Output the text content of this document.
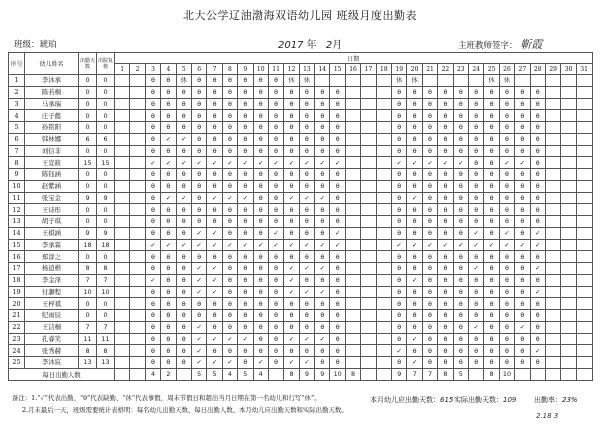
北大公学辽油渤海双语幼儿园 班级月度出勤表
班级：琥珀	2017 年 2月	主班教师签字： 靳霞
序号	幼儿姓名	出勤天数	出院复核	日期																														
				1	2	3	4	5	6	7	8	9	10	11	12	13	14	15	16	17	18	19	20	21	22	23	24	25	26	27	28	29	30	31
1	李沐承	0	0			θ	θ	休	θ	θ	θ	θ	θ	θ	休	休						休	休					休	休					
2	陈若桐	0	0			θ	θ	θ	θ	θ	θ	θ	θ	θ	θ	θ	θ	θ				θ	θ	θ	θ	θ	θ	θ	θ	θ	θ			
3	马承瑞	0	0			θ	θ	θ	θ	θ	θ	θ	θ	θ	θ	θ	θ	θ				θ	θ	θ	θ	θ	θ	θ	θ	θ	θ			
4	庄子懿	0	0			θ	θ	θ	θ	θ	θ	θ	θ	θ	θ	θ	θ	θ				θ	θ	θ	θ	θ	θ	θ	θ	θ	θ			
5	孙铭阳	0	0			θ	θ	θ	θ	θ	θ	θ	θ	θ	θ	θ	θ	θ				θ	θ	θ	θ	θ	θ	θ	θ	θ	θ			
6	韩林娜	6	6			θ	✓	✓	θ	θ	θ	θ	θ	θ	θ	θ	θ	θ				θ	θ	θ	θ	θ	θ	θ	θ	θ	θ			
7	刘信非	0	0			θ	θ	θ	θ	θ	θ	θ	θ	θ	θ	θ	θ	θ				θ	θ	θ	θ	θ	θ	θ	θ	θ	θ			
8	王宣筱	15	15			✓	✓	✓	✓	✓	✓	✓	✓	✓	✓	✓	✓	✓				✓	✓	✓	✓	✓	θ	θ	✓	✓	θ			
9	陈钰涵	0	0			θ	θ	θ	θ	θ	θ	θ	θ	θ	θ	θ	θ	θ				θ	θ	θ	θ	θ	θ	θ	θ	θ	θ			
10	赵紫涵	0	0			θ	θ	θ	θ	θ	θ	θ	θ	θ	θ	θ	θ	θ				θ	θ	θ	θ	θ	θ	θ	θ	θ	θ			
11	张宝金	9	9			θ	✓	✓	θ	✓	✓	✓	θ	θ	✓	✓	✓	θ				θ	✓	θ	θ	θ	θ	θ	θ	θ	θ			
12	王诗彤	0	0			θ	θ	θ	θ	θ	θ	θ	θ	θ	θ	θ	θ	θ				θ	θ	θ	θ	θ	θ	θ	θ	θ	θ			
13	胡子琪	0	0			θ	θ	θ	θ	θ	θ	θ	θ	θ	θ	θ	θ	θ				θ	θ	θ	θ	θ	θ	θ	θ	θ	θ			
14	王棋涵	9	9			θ	θ	θ	✓	✓	θ	θ	θ	✓	θ	θ	θ	✓				θ	θ	θ	θ	θ	✓	θ	✓	θ	✓			
15	李承霖	18	18			✓	✓	✓	✓	✓	✓	✓	✓	✓	✓	✓	✓	✓				✓	✓	✓	✓	✓	✓	✓	✓	✓	✓			
16	郑淳之	0	0			θ	θ	θ	θ	θ	θ	θ	θ	θ	θ	θ	θ	θ				θ	θ	θ	θ	θ	θ	θ	θ	θ	θ			
17	杨逍楷	8	8			θ	θ	θ	✓	✓	θ	θ	θ	θ	✓	✓	✓	θ				θ	θ	θ	θ	θ	✓	θ	θ	θ	✓			
18	李金泽	7	7			✓	θ	θ	✓	✓	θ	θ	θ	θ	✓	θ	θ	θ				θ	✓	θ	θ	θ	θ	θ	θ	θ	θ			
19	付灏程	10	10			θ	θ	θ	✓	✓	θ	θ	θ	θ	✓	✓	✓	θ				θ	θ	θ	θ	θ	θ	θ	θ	θ	✓			
20	王梓祺	0	0			θ	θ	θ	θ	θ	θ	θ	θ	θ	θ	θ	θ	θ				θ	θ	θ	θ	θ	θ	θ	θ	θ	θ			
21	纪雨辰	0	0			θ	θ	θ	θ	θ	θ	θ	θ	θ	θ	θ	θ	θ				θ	θ	θ	θ	θ	θ	θ	θ	θ	θ			
22	王洁桐	7	7			θ	θ	θ	✓	θ	θ	θ	θ	θ	θ	θ	θ	θ				θ	θ	θ	θ	θ	✓	θ	θ	✓	θ			
23	孔睿笑	11	11			θ	θ	θ	✓	✓	✓	✓	θ	θ	✓	✓	✓	θ				θ	✓	θ	θ	θ	θ	θ	θ	θ	θ			
24	张秀赫	8	8			θ	θ	θ	✓	θ	θ	θ	θ	θ	θ	θ	θ	θ				✓	θ	θ	θ	θ	θ	θ	θ	θ	✓			
25	李沐宸	13	13			θ	θ	θ	✓	✓	✓	θ	✓	θ	✓	✓	θ	θ				θ	✓	θ	θ	θ	θ	θ	θ	θ	θ			
每日出勤人数						4	2		5	5	4	5	4		8	9	9	10	8			9	7	7	8	5		8	10					
备注：1.“✓”代表出勤、“θ”代表缺勤、“休”代表事假，周末节假日和超出当月日期在第一名幼儿和行写“休”。
2.月末最后一天，班级需要统计表格明：每名幼儿出勤天数、每日出勤人数、本月幼儿应出勤天数和实际出勤天数。
本月幼儿应出勤天数：615 实际出勤天数：109	出勤率：23%
2.18 3
